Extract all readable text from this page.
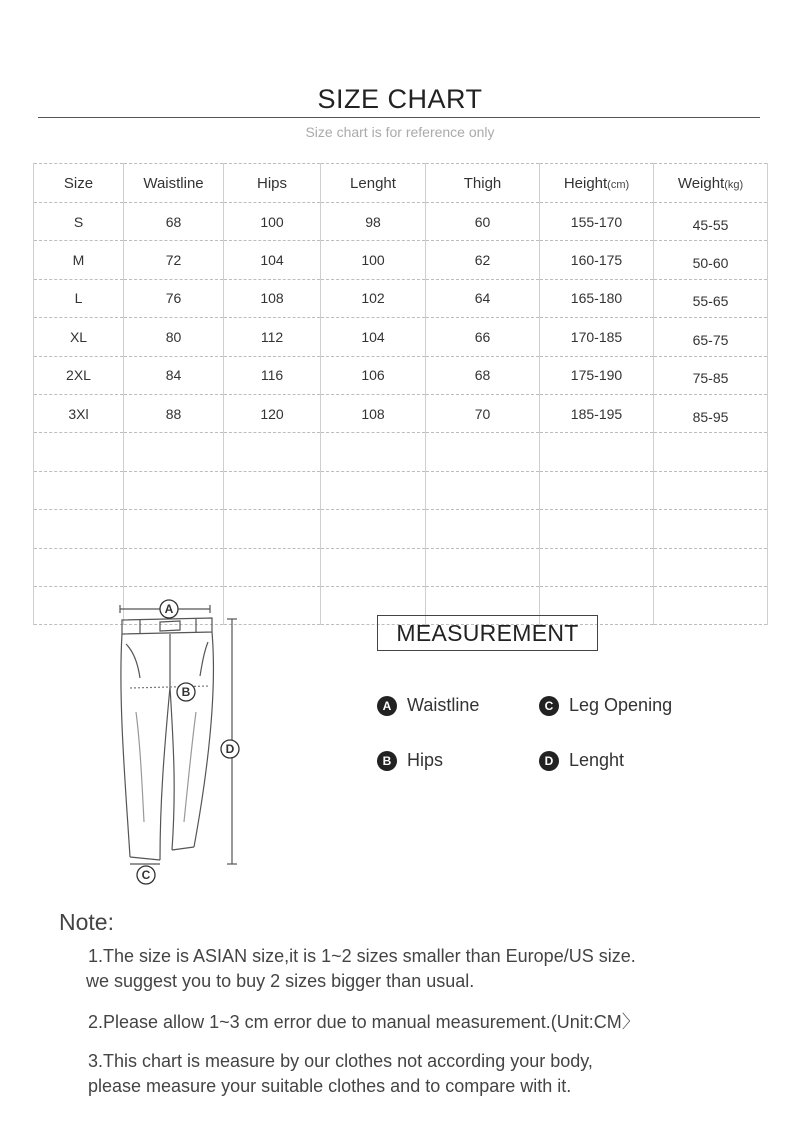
SIZE CHART
Size chart is for reference only
Size	Waistline	Hips	Lenght	Thigh	Height(cm)	Weight(kg)
S	68	100	98	60	155-170	45-55
M	72	104	100	62	160-175	50-60
L	76	108	102	64	165-180	55-65
XL	80	112	104	66	170-185	65-75
2XL	84	116	106	68	175-190	75-85
3Xl	88	120	108	70	185-195	85-95

A
B
D
C
MEASUREMENT
A Waistline	C Leg Opening
B Hips	D Lenght
Note:
1.The size is ASIAN size,it is 1~2 sizes smaller than Europe/US size.
we suggest you to buy 2 sizes bigger than usual.
2.Please allow 1~3 cm error due to manual measurement.(Unit:CM〉
3.This chart is measure by our clothes not according your body,
please measure your suitable clothes and to compare with it.
